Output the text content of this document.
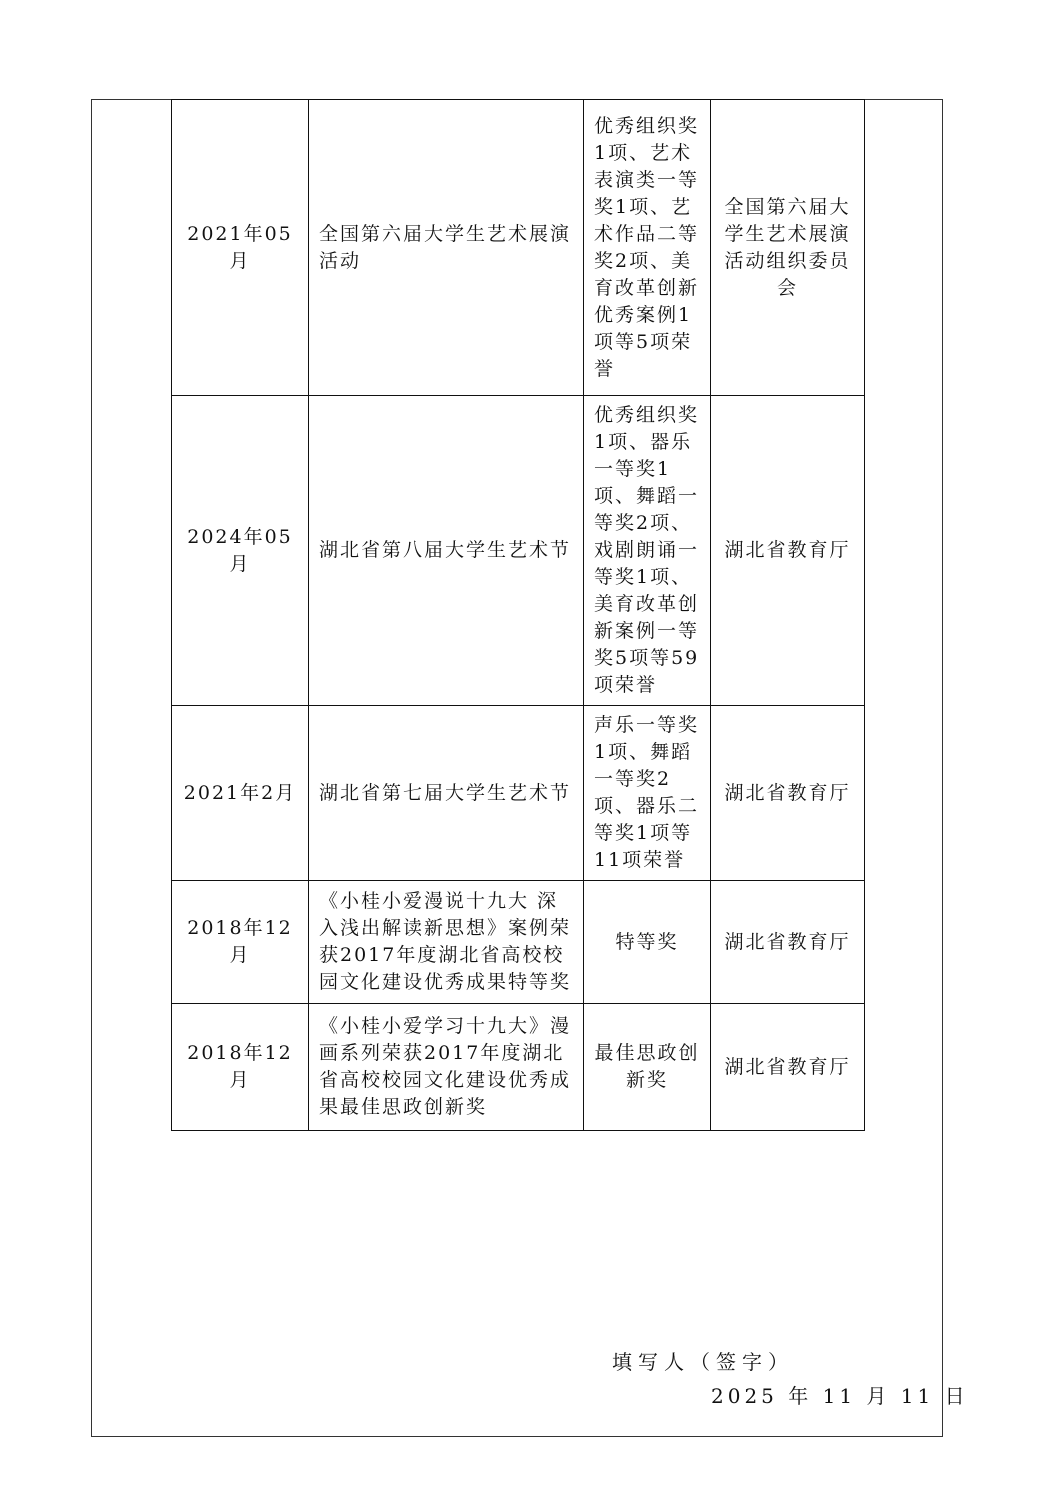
2021年05月	全国第六届大学生艺术展演活动	优秀组织奖1项、艺术表演类一等奖1项、艺术作品二等奖2项、美育改革创新优秀案例1项等5项荣誉	全国第六届大学生艺术展演活动组织委员会
2024年05月	湖北省第八届大学生艺术节	优秀组织奖1项、器乐一等奖1项、舞蹈一等奖2项、戏剧朗诵一等奖1项、美育改革创新案例一等奖5项等59项荣誉	湖北省教育厅
2021年2月	湖北省第七届大学生艺术节	声乐一等奖1项、舞蹈一等奖2项、器乐二等奖1项等11项荣誉	湖北省教育厅
2018年12月	《小桂小爱漫说十九大 深入浅出解读新思想》案例荣获2017年度湖北省高校校园文化建设优秀成果特等奖	特等奖	湖北省教育厅
2018年12月	《小桂小爱学习十九大》漫画系列荣获2017年度湖北省高校校园文化建设优秀成果最佳思政创新奖	最佳思政创新奖	湖北省教育厅
填写人（签字）
2025 年 11 月 11 日
